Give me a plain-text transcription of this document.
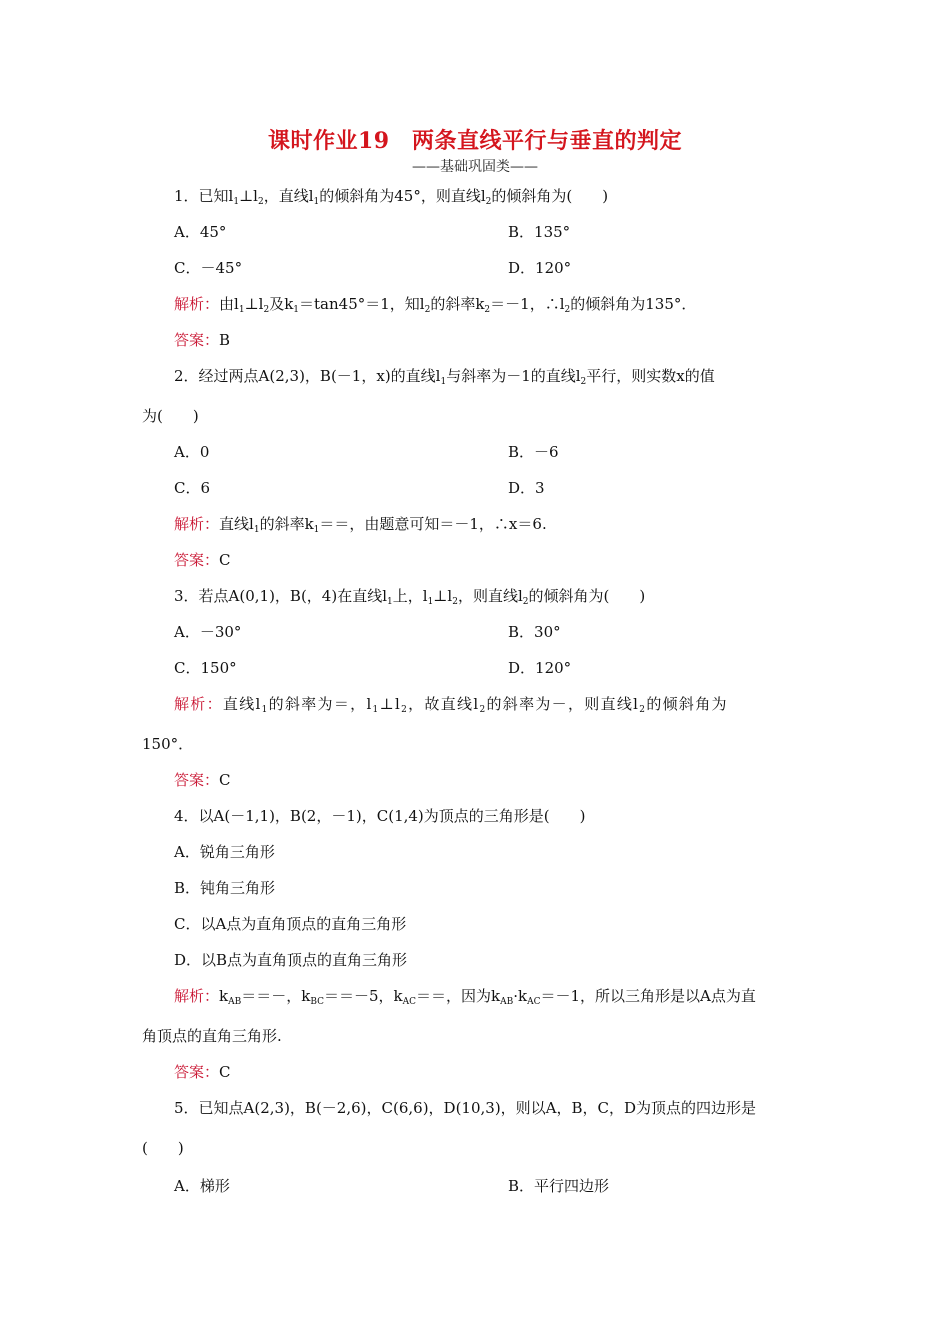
课时作业19　两条直线平行与垂直的判定
——基础巩固类——
1．已知$l_1\perp l_2$，直线$l_1$的倾斜角为45°，则直线$l_2$的倾斜角为(　　)
A．45°	B．135°
C．－45°	D．120°
解析：由$l_1\perp l_2$及$k_1=\tan 45^\circ=1$，知$l_2$的斜率$k_2=-1$，$\therefore l_2$的倾斜角为135°．
答案：B
2．经过两点A(2,3)，B(－1，x)的直线$l_1$与斜率为－1的直线$l_2$平行，则实数x的值
为(　　)
A．0	B．－6
C．6	D．3
解析：直线$l_1$的斜率$k_1==$，由题意可知＝－1，∴x＝6.
答案：C
3．若点A(0,1)，B(，4)在直线$l_1$上，$l_1\perp l_2$，则直线$l_2$的倾斜角为(　　)
A．－30°	B．30°
C．150°	D．120°
解析：直线$l_1$的斜率为＝，$l_1\perp l_2$，故直线$l_2$的斜率为－，则直线$l_2$的倾斜角为
150°．
答案：C
4．以A(－1,1)，B(2，－1)，C(1,4)为顶点的三角形是(　　)
A．锐角三角形
B．钝角三角形
C．以A点为直角顶点的直角三角形
D．以B点为直角顶点的直角三角形
解析：$k_{AB}==-$，$k_{BC}==-5$，$k_{AC}==$，因为$k_{AB}\cdot k_{AC}=-1$，所以三角形是以A点为直
角顶点的直角三角形.
答案：C
5．已知点A(2,3)，B(－2,6)，C(6,6)，D(10,3)，则以A，B，C，D为顶点的四边形是
(　　)
A．梯形	B．平行四边形
